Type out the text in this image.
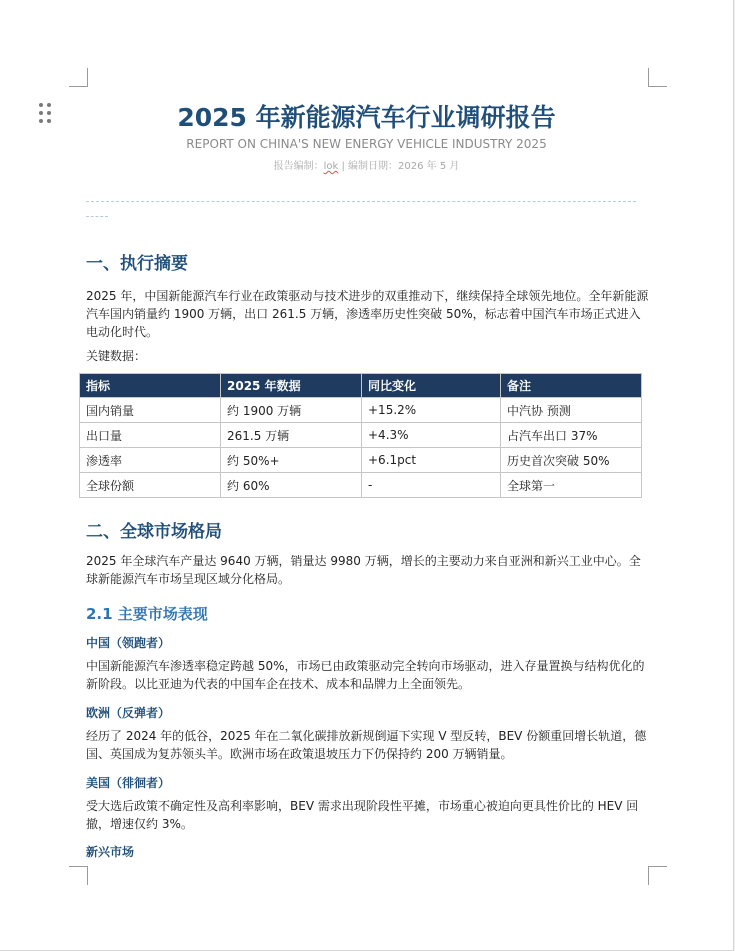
2025 年新能源汽车行业调研报告
REPORT ON CHINA'S NEW ENERGY VEHICLE INDUSTRY 2025
报告编制：lok | 编制日期：2026 年 5 月
一、执行摘要
2025 年，中国新能源汽车行业在政策驱动与技术进步的双重推动下，继续保持全球领先地位。全年新能源汽车国内销量约 1900 万辆，出口 261.5 万辆，渗透率历史性突破 50%，标志着中国汽车市场正式进入电动化时代。
关键数据：
指标	2025 年数据	同比变化	备注
国内销量	约 1900 万辆	+15.2%	中汽协 预测
出口量	261.5 万辆	+4.3%	占汽车出口 37%
渗透率	约 50%+	+6.1pct	历史首次突破 50%
全球份额	约 60%	-	全球第一
二、全球市场格局
2025 年全球汽车产量达 9640 万辆，销量达 9980 万辆，增长的主要动力来自亚洲和新兴工业中心。全球新能源汽车市场呈现区域分化格局。
2.1 主要市场表现
中国（领跑者）
中国新能源汽车渗透率稳定跨越 50%，市场已由政策驱动完全转向市场驱动，进入存量置换与结构优化的新阶段。以比亚迪为代表的中国车企在技术、成本和品牌力上全面领先。
欧洲（反弹者）
经历了 2024 年的低谷，2025 年在二氧化碳排放新规倒逼下实现 V 型反转，BEV 份额重回增长轨道，德国、英国成为复苏领头羊。欧洲市场在政策退坡压力下仍保持约 200 万辆销量。
美国（徘徊者）
受大选后政策不确定性及高利率影响，BEV 需求出现阶段性平摊，市场重心被迫向更具性价比的 HEV 回撤，增速仅约 3%。
新兴市场
